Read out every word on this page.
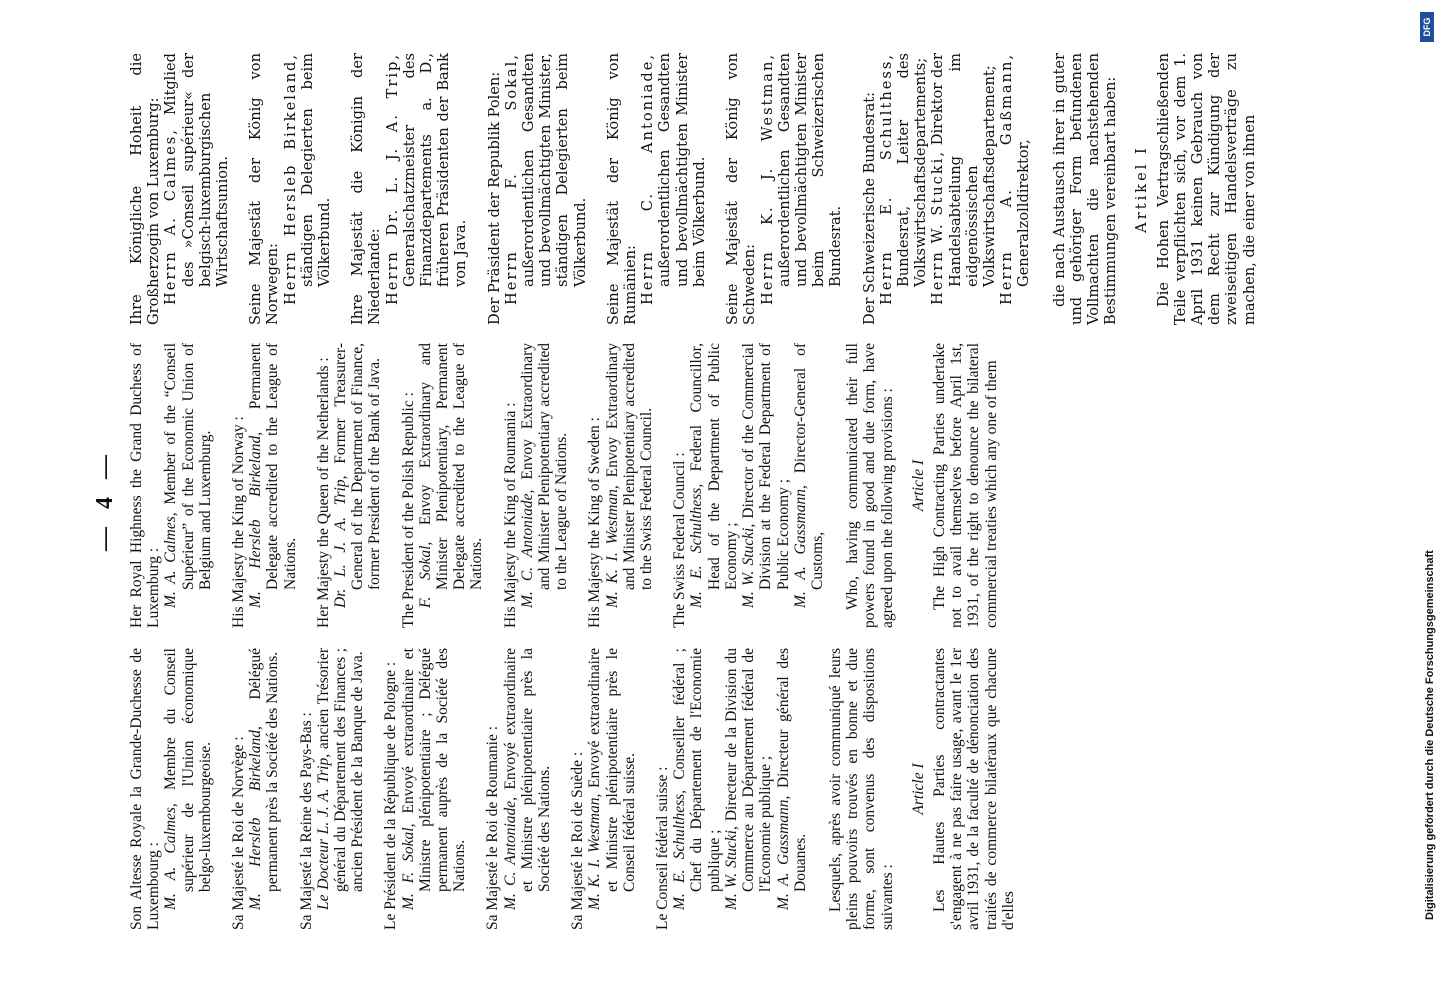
— 4 —

Son Altesse Royale la Grande-Duchesse de Luxembourg : M. A. Calmes, Membre du Conseil supérieur de l'Union économique belgo-luxembourgeoise. Sa Majesté le Roi de Norvège : M. Hersleb Birkeland, Délégué permanent près la Société des Nations. Sa Majesté la Reine des Pays-Bas : Le Docteur L. J. A. Trip, ancien Trésorier général du Département des Finances ; ancien Président de la Banque de Java. Le Président de la République de Pologne : M. F. Sokal, Envoyé extraordinaire et Ministre plénipotentiaire ; Délégué permanent auprès de la Société des Nations. Sa Majesté le Roi de Roumanie : M. C. Antoniade, Envoyé extraordinaire et Ministre plénipotentiaire près la Société des Nations. Sa Majesté le Roi de Suède : M. K. I. Westman, Envoyé extraordinaire et Ministre plénipotentiaire près le Conseil fédéral suisse. Le Conseil fédéral suisse : M. E. Schulthess, Conseiller fédéral ; Chef du Département de l'Economie publique ; M. W. Stucki, Directeur de la Division du Commerce au Département fédéral de l'Economie publique ; M. A. Gassmann, Directeur général des Douanes. Lesquels, après avoir communiqué leurs pleins pouvoirs trouvés en bonne et due forme, sont convenus des dispositions suivantes :

Article I Les Hautes Parties contractantes s'engagent à ne pas faire usage, avant le 1er avril 1931, de la faculté de dénonciation des traités de commerce bilatéraux que chacune d'elles

Her Royal Highness the Grand Duchess of Luxemburg : M. A. Calmes, Member of the “Conseil Supérieur” of the Economic Union of Belgium and Luxemburg. His Majesty the King of Norway : M. Hersleb Birkeland, Permanent Delegate accredited to the League of Nations. Her Majesty the Queen of the Netherlands : Dr. L. J. A. Trip, Former Treasurer-General of the Department of Finance, former President of the Bank of Java. The President of the Polish Republic : F. Sokal, Envoy Extraordinary and Minister Plenipotentiary, Permanent Delegate accredited to the League of Nations. His Majesty the King of Roumania : M. C. Antoniade, Envoy Extraordinary and Minister Plenipotentiary accredited to the League of Nations. His Majesty the King of Sweden : M. K. I. Westman, Envoy Extraordinary and Minister Plenipotentiary accredited to the Swiss Federal Council. The Swiss Federal Council : M. E. Schulthess, Federal Councillor, Head of the Department of Public Economy ; M. W. Stucki, Director of the Commercial Division at the Federal Department of Public Economy ; M. A. Gassmann, Director-General of Customs, Who, having communicated their full powers found in good and due form, have agreed upon the following provisions : Article I The High Contracting Parties undertake not to avail themselves before April 1st, 1931, of the right to denounce the bilateral commercial treaties which any one of them

Ihre Königliche Hoheit die Großherzogin von Luxemburg: Herrn A. Calmes, Mitglied des »Conseil supérieur« der belgisch-luxemburgischen Wirtschaftsunion. Seine Majestät der König von Norwegen: Herrn Hersleb Birkeland, ständigen Delegierten beim Völkerbund. Ihre Majestät die Königin der Niederlande: Herrn Dr. L. J. A. Trip, Generalschatzmeister des Finanzdepartements a. D., früheren Präsidenten der Bank von Java. Der Präsident der Republik Polen: Herrn F. Sokal, außerordentlichen Gesandten und bevollmächtigten Minister, ständigen Delegierten beim Völkerbund. Seine Majestät der König von Rumänien: Herrn C. Antoniade, außerordentlichen Gesandten und bevollmächtigten Minister beim Völkerbund. Seine Majestät der König von Schweden: Herrn K. J. Westman, außerordentlichen Gesandten und bevollmächtigten Minister beim Schweizerischen Bundesrat. Der Schweizerische Bundesrat: Herrn E. Schulthess, Bundesrat, Leiter des Volkswirtschaftsdepartements; Herrn W. Stucki, Direktor der Handelsabteilung im eidgenössischen Volkswirtschaftsdepartement; Herrn A. Gaßmann, Generalzolldirektor, die nach Austausch ihrer in guter und gehöriger Form befundenen Vollmachten die nachstehenden Bestimmungen vereinbart haben: Artikel I Die Hohen Vertragschließenden Teile verpflichten sich, vor dem 1. April 1931 keinen Gebrauch von dem Recht zur Kündigung der zweiseitigen Handelsverträge zu machen, die einer von ihnen

Digitalisierung gefördert durch die Deutsche Forschungsgemeinschaft
DFG
